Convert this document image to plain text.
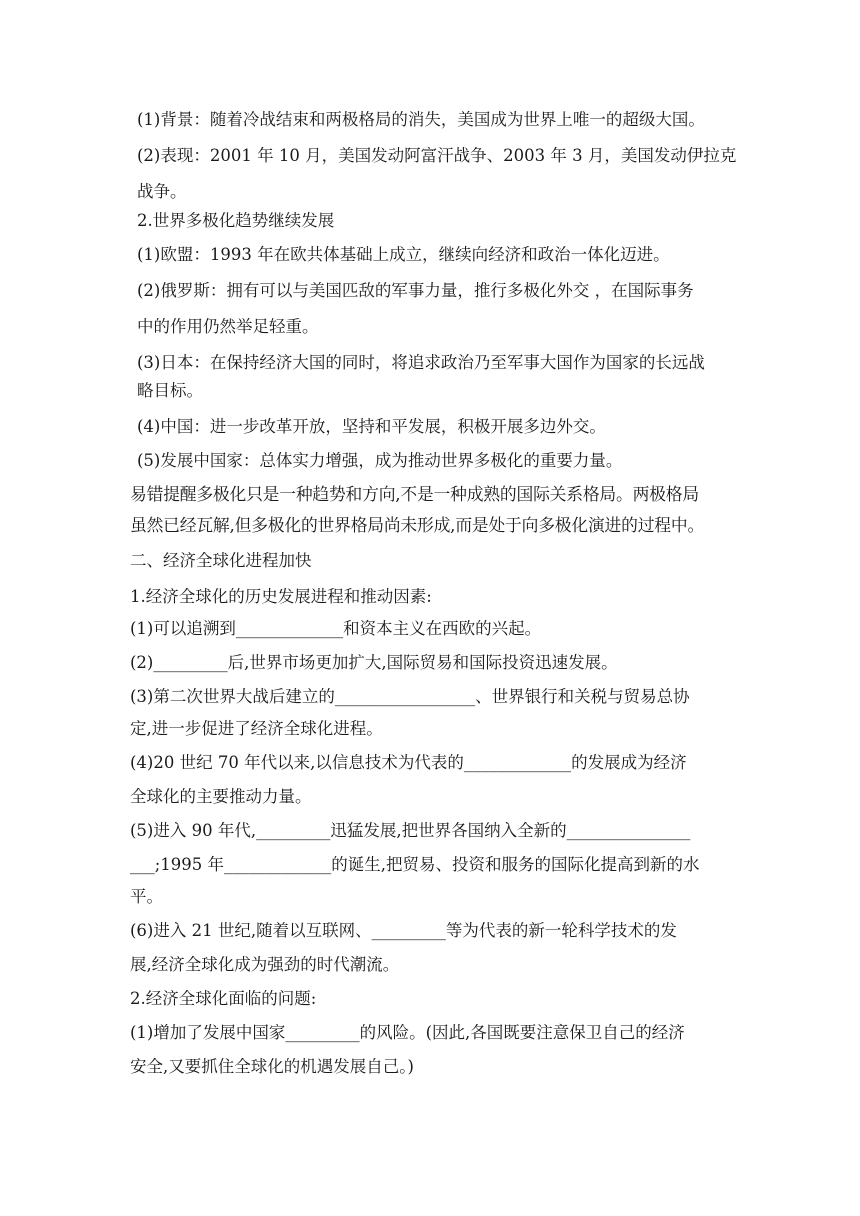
(1)背景：随着冷战结束和两极格局的消失，美国成为世界上唯一的超级大国。
(2)表现：2001 年 10 月，美国发动阿富汗战争、2003 年 3 月，美国发动伊拉克
战争。
2.世界多极化趋势继续发展
(1)欧盟：1993 年在欧共体基础上成立，继续向经济和政治一体化迈进。
(2)俄罗斯：拥有可以与美国匹敌的军事力量，推行多极化外交 ，在国际事务
中的作用仍然举足轻重。
(3)日本：在保持经济大国的同时，将追求政治乃至军事大国作为国家的长远战
略目标。
(4)中国：进一步改革开放，坚持和平发展，积极开展多边外交。
(5)发展中国家：总体实力增强，成为推动世界多极化的重要力量。
易错提醒多极化只是一种趋势和方向,不是一种成熟的国际关系格局。两极格局
虽然已经瓦解,但多极化的世界格局尚未形成,而是处于向多极化演进的过程中。
二、经济全球化进程加快
1.经济全球化的历史发展进程和推动因素:
(1)可以追溯到_____________和资本主义在西欧的兴起。
(2)_________后,世界市场更加扩大,国际贸易和国际投资迅速发展。
(3)第二次世界大战后建立的_________________、世界银行和关税与贸易总协
定,进一步促进了经济全球化进程。
(4)20 世纪 70 年代以来,以信息技术为代表的_____________的发展成为经济
全球化的主要推动力量。
(5)进入 90 年代,_________迅猛发展,把世界各国纳入全新的_______________
___;1995 年_____________的诞生,把贸易、投资和服务的国际化提高到新的水
平。
(6)进入 21 世纪,随着以互联网、_________等为代表的新一轮科学技术的发
展,经济全球化成为强劲的时代潮流。
2.经济全球化面临的问题:
(1)增加了发展中国家_________的风险。(因此,各国既要注意保卫自己的经济
安全,又要抓住全球化的机遇发展自己。)
